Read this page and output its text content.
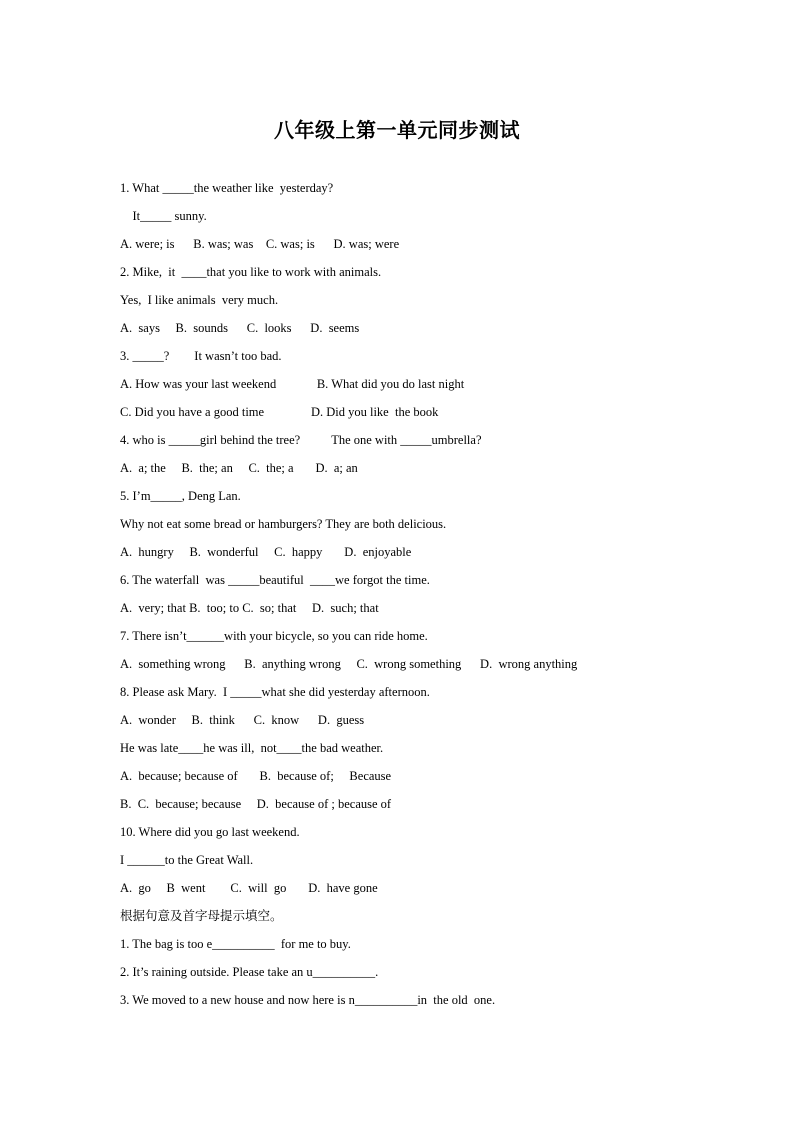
八年级上第一单元同步测试
1. What _____the weather like  yesterday?
It_____ sunny.
A. were; is      B. was; was    C. was; is      D. was; were
2. Mike,  it  ____that you like to work with animals.
Yes,  I like animals  very much.
A.  says     B.  sounds      C.  looks      D.  seems
3. _____?        It wasn’t too bad.
A. How was your last weekend             B. What did you do last night
C. Did you have a good time               D. Did you like  the book
4. who is _____girl behind the tree?          The one with _____umbrella?
A.  a; the     B.  the; an     C.  the; a       D.  a; an
5. I’m_____, Deng Lan.
Why not eat some bread or hamburgers? They are both delicious.
A.  hungry     B.  wonderful     C.  happy       D.  enjoyable
6. The waterfall  was _____beautiful  ____we forgot the time.
A.  very; that B.  too; to C.  so; that     D.  such; that
7. There isn’t______with your bicycle, so you can ride home.
A.  something wrong      B.  anything wrong     C.  wrong something      D.  wrong anything
8. Please ask Mary.  I _____what she did yesterday afternoon.
A.  wonder     B.  think      C.  know      D.  guess
He was late____he was ill,  not____the bad weather.
A.  because; because of       B.  because of;     Because
B.  C.  because; because     D.  because of ; because of
10. Where did you go last weekend.
I ______to the Great Wall.
A.  go     B  went        C.  will  go       D.  have gone
根据句意及首字母提示填空。
1. The bag is too e__________  for me to buy.
2. It’s raining outside. Please take an u__________.
3. We moved to a new house and now here is n__________in  the old  one.
